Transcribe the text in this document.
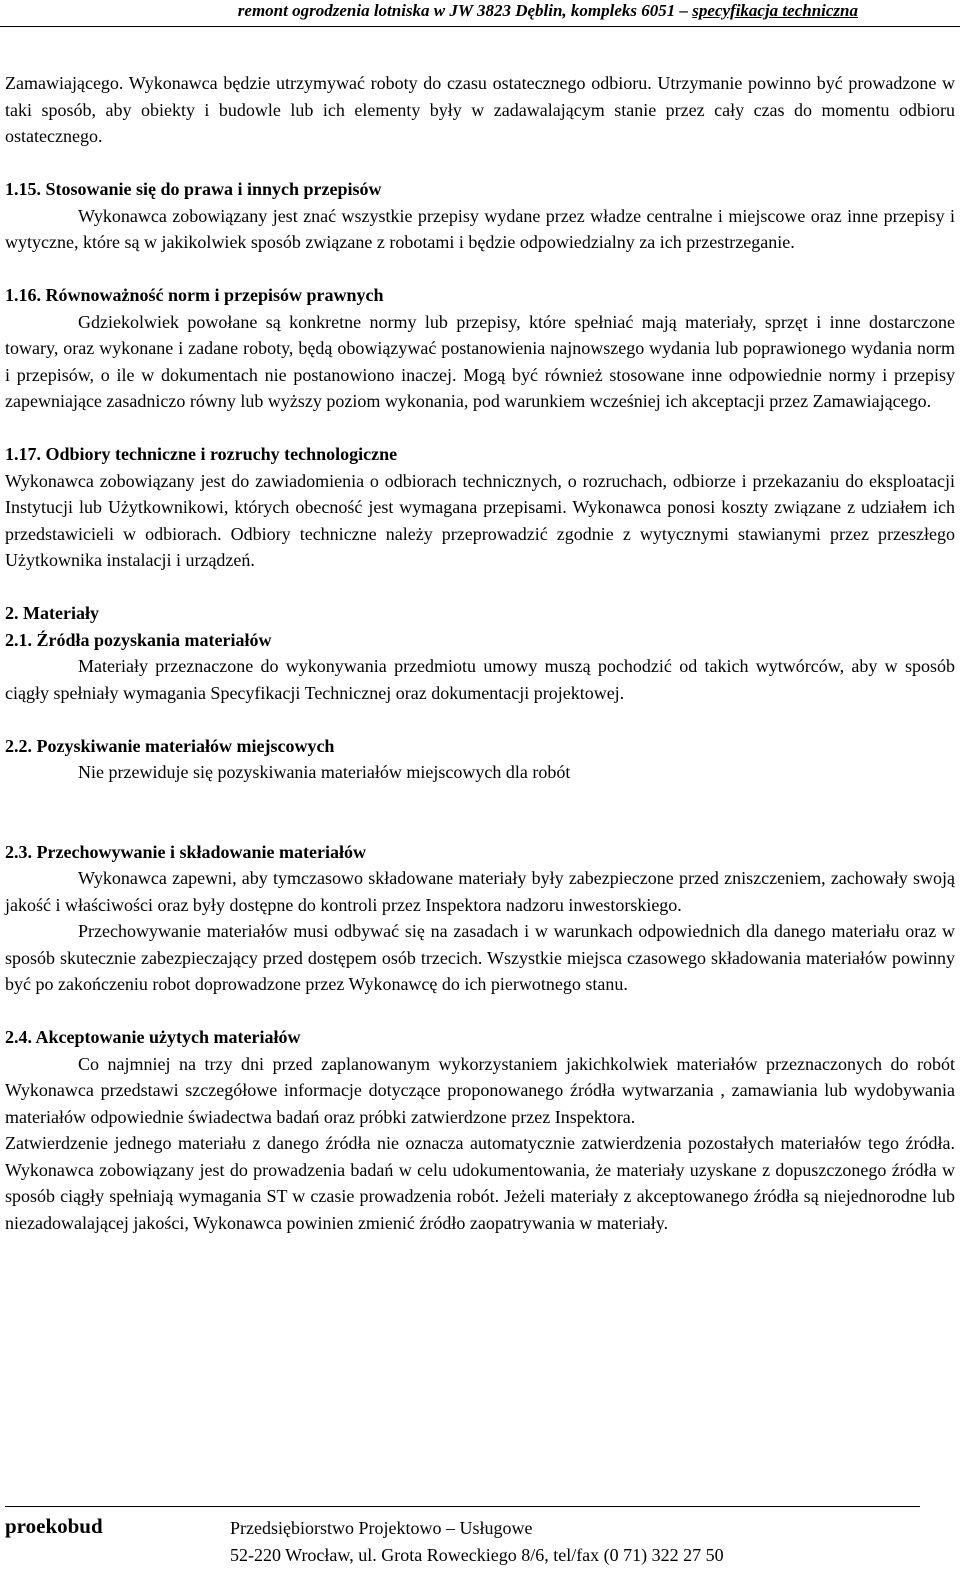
remont ogrodzenia lotniska w JW 3823 Dęblin, kompleks 6051 – specyfikacja techniczna

Zamawiającego. Wykonawca będzie utrzymywać roboty do czasu ostatecznego odbioru. Utrzymanie powinno być prowadzone w taki sposób, aby obiekty i budowle lub ich elementy były w zadawalającym stanie przez cały czas do momentu odbioru ostatecznego.

1.15. Stosowanie się do prawa i innych przepisów

Wykonawca zobowiązany jest znać wszystkie przepisy wydane przez władze centralne i miejscowe oraz inne przepisy i wytyczne, które są w jakikolwiek sposób związane z robotami i będzie odpowiedzialny za ich przestrzeganie.

1.16. Równoważność norm i przepisów prawnych

Gdziekolwiek powołane są konkretne normy lub przepisy, które spełniać mają materiały, sprzęt i inne dostarczone towary, oraz wykonane i zadane roboty, będą obowiązywać postanowienia najnowszego wydania lub poprawionego wydania norm i przepisów, o ile w dokumentach nie postanowiono inaczej. Mogą być również stosowane inne odpowiednie normy i przepisy zapewniające zasadniczo równy lub wyższy poziom wykonania, pod warunkiem wcześniej ich akceptacji przez Zamawiającego.

1.17. Odbiory techniczne i rozruchy technologiczne

Wykonawca zobowiązany jest do zawiadomienia o odbiorach technicznych, o rozruchach, odbiorze i przekazaniu do eksploatacji Instytucji lub Użytkownikowi, których obecność jest wymagana przepisami. Wykonawca ponosi koszty związane z udziałem ich przedstawicieli w odbiorach. Odbiory techniczne należy przeprowadzić zgodnie z wytycznymi stawianymi przez przeszłego Użytkownika instalacji i urządzeń.

2. Materiały

2.1. Źródła pozyskania materiałów

Materiały przeznaczone do wykonywania przedmiotu umowy muszą pochodzić od takich wytwórców, aby w sposób ciągły spełniały wymagania Specyfikacji Technicznej oraz dokumentacji projektowej.

2.2. Pozyskiwanie materiałów miejscowych

Nie przewiduje się pozyskiwania materiałów miejscowych dla robót

2.3. Przechowywanie i składowanie materiałów

Wykonawca zapewni, aby tymczasowo składowane materiały były zabezpieczone przed zniszczeniem, zachowały swoją jakość i właściwości oraz były dostępne do kontroli przez Inspektora nadzoru inwestorskiego.

Przechowywanie materiałów musi odbywać się na zasadach i w warunkach odpowiednich dla danego materiału oraz w sposób skutecznie zabezpieczający przed dostępem osób trzecich. Wszystkie miejsca czasowego składowania materiałów powinny być po zakończeniu robot doprowadzone przez Wykonawcę do ich pierwotnego stanu.

2.4. Akceptowanie użytych materiałów

Co najmniej na trzy dni przed zaplanowanym wykorzystaniem jakichkolwiek materiałów przeznaczonych do robót Wykonawca przedstawi szczegółowe informacje dotyczące proponowanego źródła wytwarzania , zamawiania lub wydobywania materiałów odpowiednie świadectwa badań oraz próbki zatwierdzone przez Inspektora.

Zatwierdzenie jednego materiału z danego źródła nie oznacza automatycznie zatwierdzenia pozostałych materiałów tego źródła. Wykonawca zobowiązany jest do prowadzenia badań w celu udokumentowania, że materiały uzyskane z dopuszczonego źródła w sposób ciągły spełniają wymagania ST w czasie prowadzenia robót. Jeżeli materiały z akceptowanego źródła są niejednorodne lub niezadowalającej jakości, Wykonawca powinien zmienić źródło zaopatrywania w materiały.

proekobud	Przedsiębiorstwo Projektowo – Usługowe
52-220 Wrocław, ul. Grota Roweckiego 8/6, tel/fax (0 71) 322 27 50
